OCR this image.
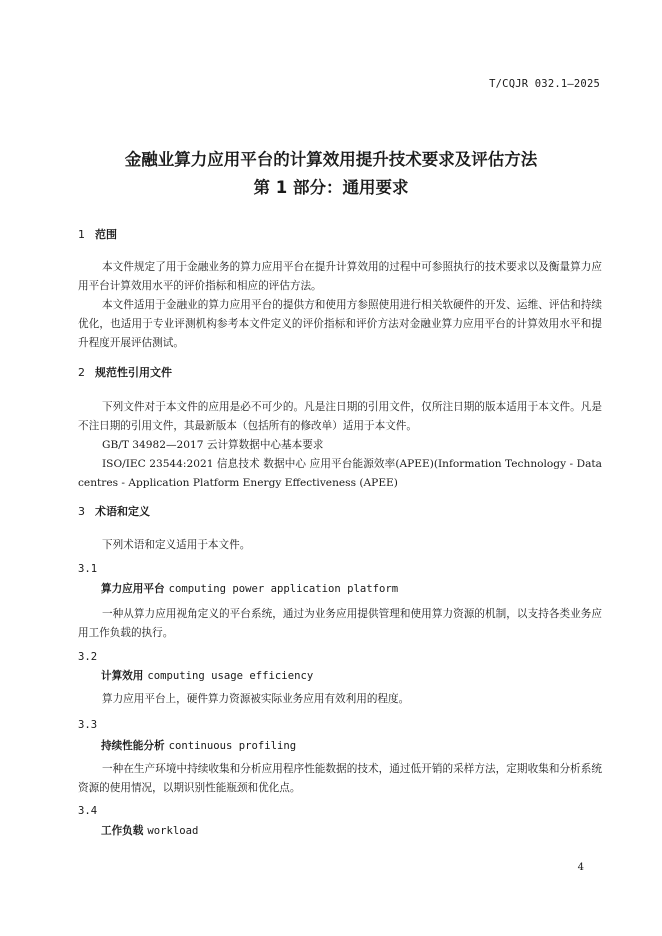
T/CQJR 032.1—2025
金融业算力应用平台的计算效用提升技术要求及评估方法
第 1 部分：通用要求
1 范围
本文件规定了用于金融业务的算力应用平台在提升计算效用的过程中可参照执行的技术要求以及衡量算力应用平台计算效用水平的评价指标和相应的评估方法。
本文件适用于金融业的算力应用平台的提供方和使用方参照使用进行相关软硬件的开发、运维、评估和持续优化，也适用于专业评测机构参考本文件定义的评价指标和评价方法对金融业算力应用平台的计算效用水平和提升程度开展评估测试。
2 规范性引用文件
下列文件对于本文件的应用是必不可少的。凡是注日期的引用文件，仅所注日期的版本适用于本文件。凡是不注日期的引用文件，其最新版本（包括所有的修改单）适用于本文件。
GB/T 34982—2017 云计算数据中心基本要求
ISO/IEC 23544:2021 信息技术 数据中心 应用平台能源效率(APEE)(Information Technology - Data centres - Application Platform Energy Effectiveness (APEE)
3 术语和定义
下列术语和定义适用于本文件。
3.1
算力应用平台 computing power application platform
一种从算力应用视角定义的平台系统，通过为业务应用提供管理和使用算力资源的机制，以支持各类业务应用工作负载的执行。
3.2
计算效用 computing usage efficiency
算力应用平台上，硬件算力资源被实际业务应用有效利用的程度。
3.3
持续性能分析 continuous profiling
一种在生产环境中持续收集和分析应用程序性能数据的技术，通过低开销的采样方法，定期收集和分析系统资源的使用情况，以期识别性能瓶颈和优化点。
3.4
工作负载 workload
4
